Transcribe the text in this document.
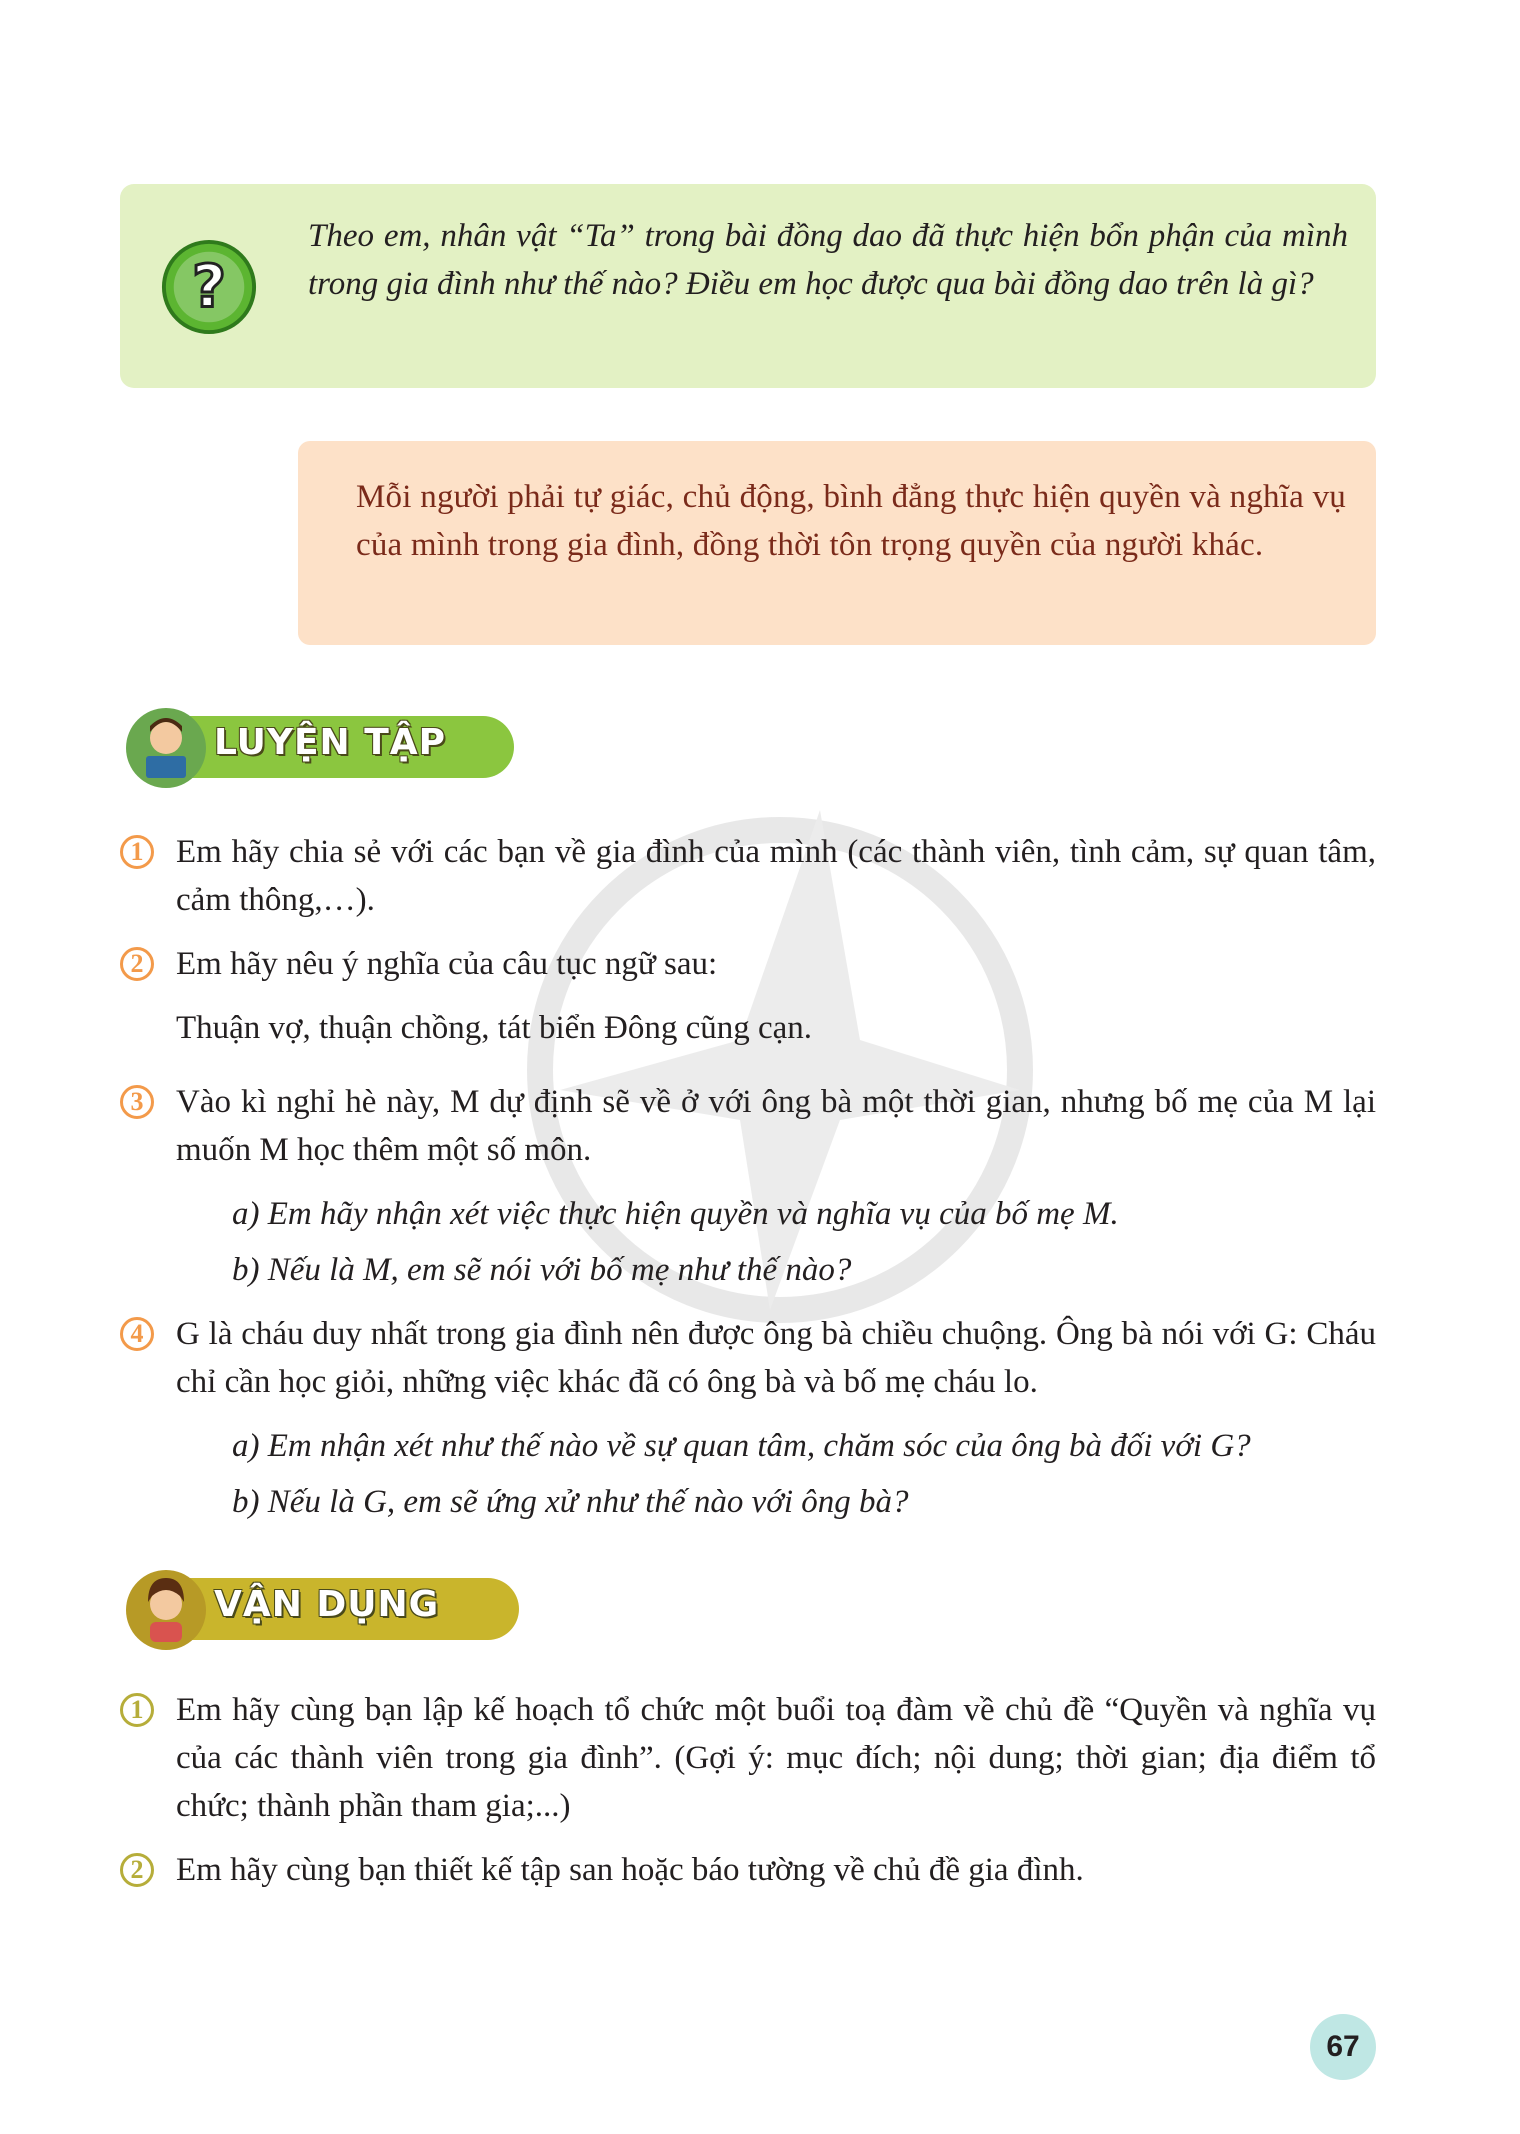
?
Theo em, nhân vật “Ta” trong bài đồng dao đã thực hiện bổn phận của mình trong gia đình như thế nào? Điều em học được qua bài đồng dao trên là gì?
Mỗi người phải tự giác, chủ động, bình đẳng thực hiện quyền và nghĩa vụ của mình trong gia đình, đồng thời tôn trọng quyền của người khác.
LUYỆN TẬP
1 Em hãy chia sẻ với các bạn về gia đình của mình (các thành viên, tình cảm, sự quan tâm, cảm thông,…).
2 Em hãy nêu ý nghĩa của câu tục ngữ sau:
Thuận vợ, thuận chồng, tát biển Đông cũng cạn.
3 Vào kì nghỉ hè này, M dự định sẽ về ở với ông bà một thời gian, nhưng bố mẹ của M lại muốn M học thêm một số môn.
a) Em hãy nhận xét việc thực hiện quyền và nghĩa vụ của bố mẹ M.
b) Nếu là M, em sẽ nói với bố mẹ như thế nào?
4 G là cháu duy nhất trong gia đình nên được ông bà chiều chuộng. Ông bà nói với G: Cháu chỉ cần học giỏi, những việc khác đã có ông bà và bố mẹ cháu lo.
a) Em nhận xét như thế nào về sự quan tâm, chăm sóc của ông bà đối với G?
b) Nếu là G, em sẽ ứng xử như thế nào với ông bà?
VẬN DỤNG
1 Em hãy cùng bạn lập kế hoạch tổ chức một buổi toạ đàm về chủ đề “Quyền và nghĩa vụ của các thành viên trong gia đình”. (Gợi ý: mục đích; nội dung; thời gian; địa điểm tổ chức; thành phần tham gia;...)
2 Em hãy cùng bạn thiết kế tập san hoặc báo tường về chủ đề gia đình.
67
